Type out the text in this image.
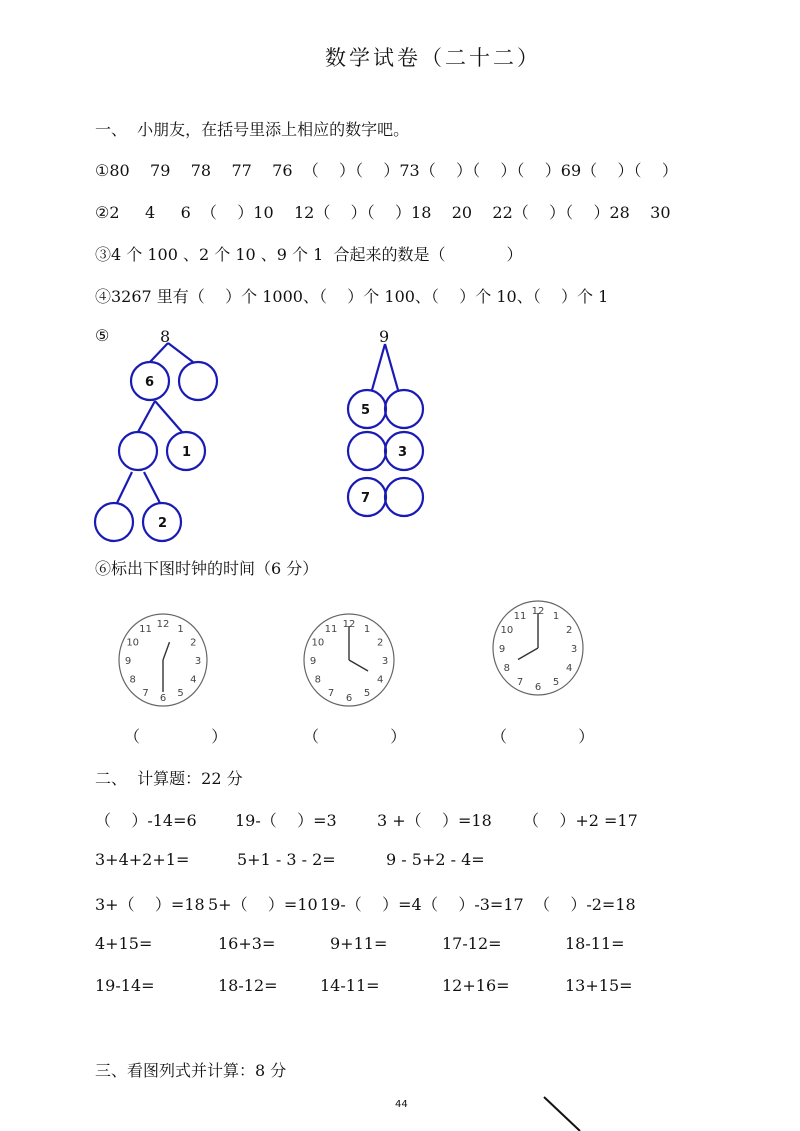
数学试卷（二十二）
一、  小朋友，在括号里添上相应的数字吧。
①80    79    78    77    76  （    ）（    ）73（    ）（    ）（    ）69（    ）（    ）
②2     4     6  （    ）10    12（    ）（    ）18    20    22（    ）（    ）28    30
③4 个 100 、2 个 10 、9 个 1  合起来的数是（            ）
④3267 里有（    ）个 1000、（    ）个 100、（    ）个 10、（    ）个 1
⑤	8
6
1
2
9
5
3
7
12 1
2
3
4
5
6
7
8
9
10
11	12 1
2
3
4
5
6
7
8
9
10
11
12 1
2
3
4
5
6
7
8
9
10
11
⑥标出下图时钟的时间（6 分）
（              ）	（              ）	（              ）
二、  计算题：22 分
（    ）-14=6 19-（    ）=3	3 +（    ）=18 （    ）+2 =17
3+4+2+1=	5+1 - 3 - 2=	9 - 5+2 - 4=
3+（    ）=18 5+（    ）=10 19-（    ）=4 （    ）-3=17 （    ）-2=18
4+15=	16+3=	9+11=	17-12=	18-11=
19-14=	18-12=	14-11=	12+16=	13+15=
三、看图列式并计算：8 分
44
